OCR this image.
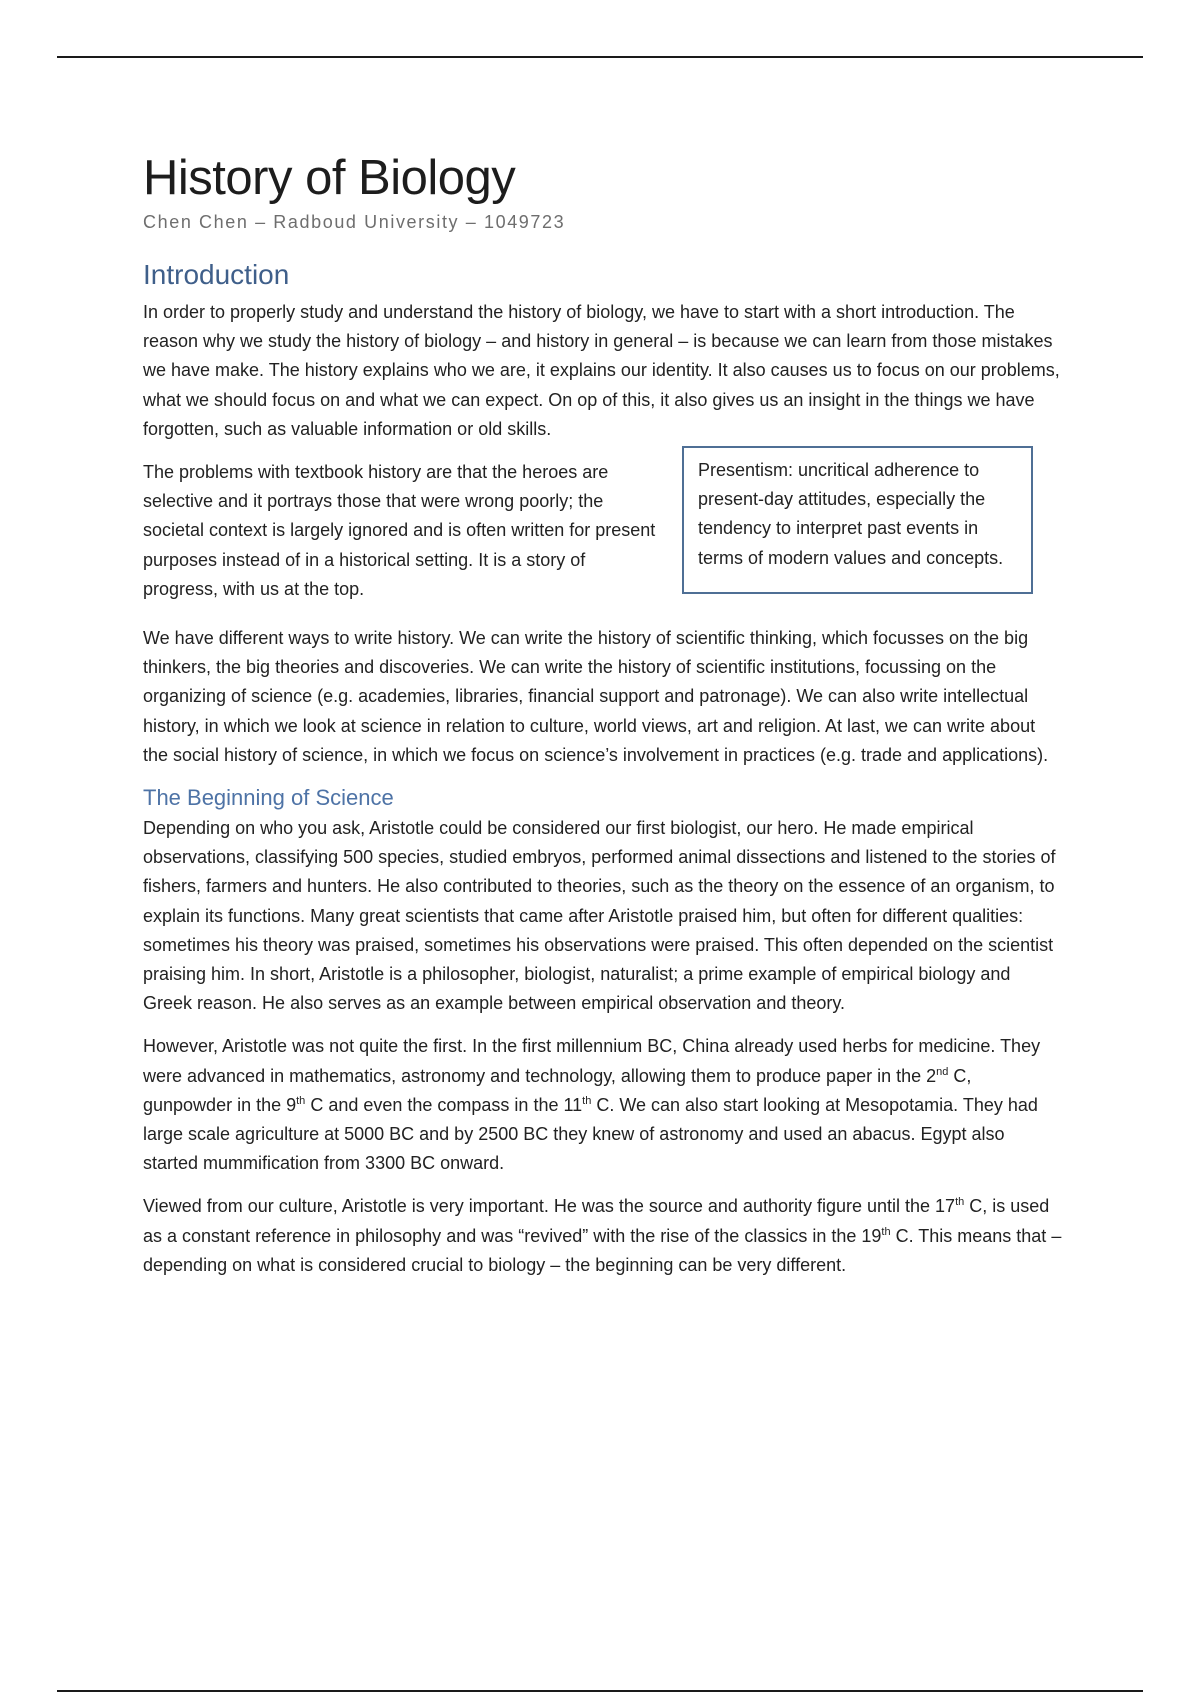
History of Biology
Chen Chen – Radboud University – 1049723
Introduction

In order to properly study and understand the history of biology, we have to start with a short introduction. The reason why we study the history of biology – and history in general – is because we can learn from those mistakes we have make. The history explains who we are, it explains our identity. It also causes us to focus on our problems, what we should focus on and what we can expect. On op of this, it also gives us an insight in the things we have forgotten, such as valuable information or old skills.

The problems with textbook history are that the heroes are selective and it portrays those that were wrong poorly; the societal context is largely ignored and is often written for present purposes instead of in a historical setting. It is a story of progress, with us at the top.

Presentism: uncritical adherence to present-day attitudes, especially the tendency to interpret past events in terms of modern values and concepts.

We have different ways to write history. We can write the history of scientific thinking, which focusses on the big thinkers, the big theories and discoveries. We can write the history of scientific institutions, focussing on the organizing of science (e.g. academies, libraries, financial support and patronage). We can also write intellectual history, in which we look at science in relation to culture, world views, art and religion. At last, we can write about the social history of science, in which we focus on science’s involvement in practices (e.g. trade and applications).

The Beginning of Science

Depending on who you ask, Aristotle could be considered our first biologist, our hero. He made empirical observations, classifying 500 species, studied embryos, performed animal dissections and listened to the stories of fishers, farmers and hunters. He also contributed to theories, such as the theory on the essence of an organism, to explain its functions. Many great scientists that came after Aristotle praised him, but often for different qualities: sometimes his theory was praised, sometimes his observations were praised. This often depended on the scientist praising him. In short, Aristotle is a philosopher, biologist, naturalist; a prime example of empirical biology and Greek reason. He also serves as an example between empirical observation and theory.

However, Aristotle was not quite the first. In the first millennium BC, China already used herbs for medicine. They were advanced in mathematics, astronomy and technology, allowing them to produce paper in the 2nd C, gunpowder in the 9th C and even the compass in the 11th C. We can also start looking at Mesopotamia. They had large scale agriculture at 5000 BC and by 2500 BC they knew of astronomy and used an abacus. Egypt also started mummification from 3300 BC onward.

Viewed from our culture, Aristotle is very important. He was the source and authority figure until the 17th C, is used as a constant reference in philosophy and was “revived” with the rise of the classics in the 19th C. This means that – depending on what is considered crucial to biology – the beginning can be very different.
